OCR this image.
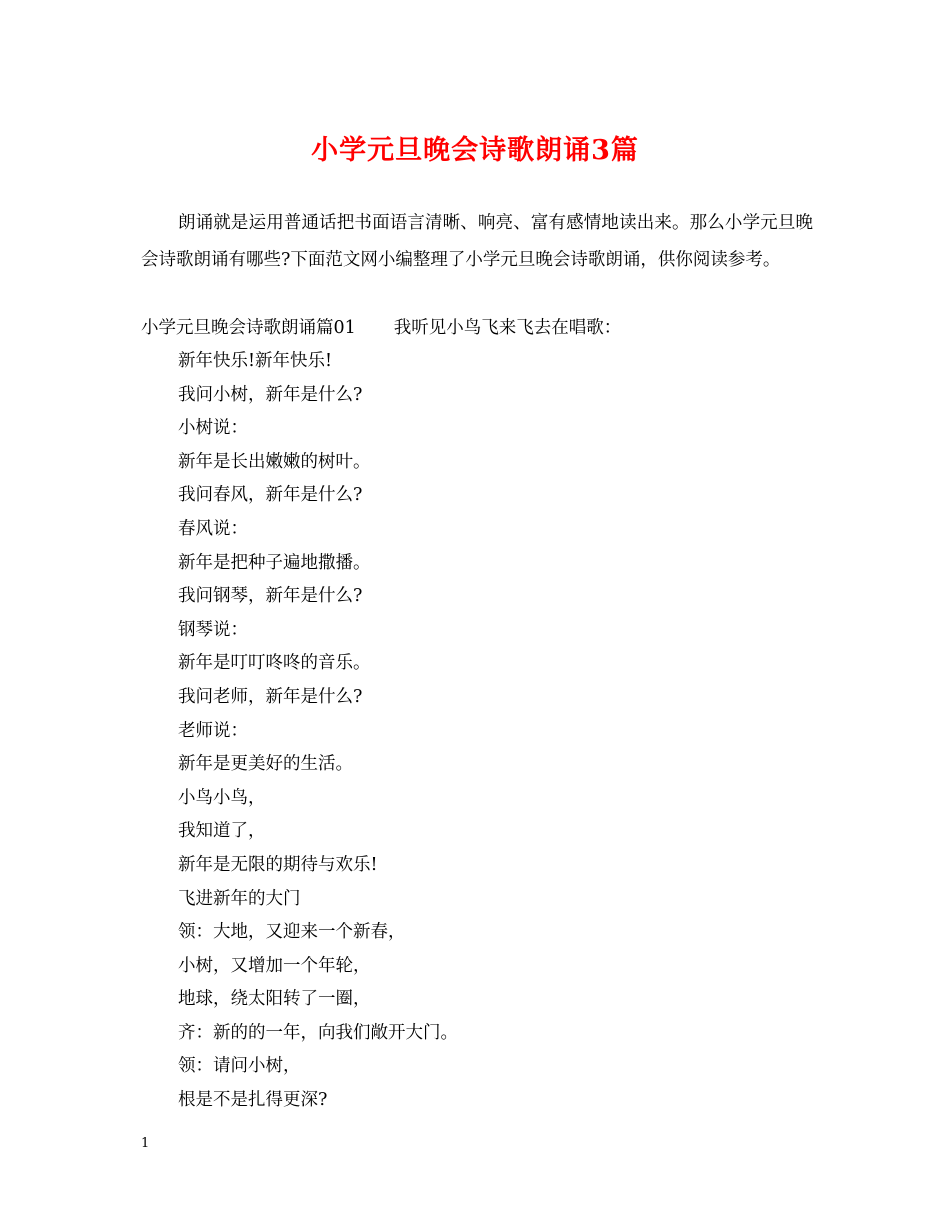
小学元旦晚会诗歌朗诵3篇

朗诵就是运用普通话把书面语言清晰、响亮、富有感情地读出来。那么小学元旦晚会诗歌朗诵有哪些?下面范文网小编整理了小学元旦晚会诗歌朗诵，供你阅读参考。

小学元旦晚会诗歌朗诵篇01 我听见小鸟飞来飞去在唱歌：

新年快乐!新年快乐!
我问小树，新年是什么?
小树说：
新年是长出嫩嫩的树叶。
我问春风，新年是什么?
春风说：
新年是把种子遍地撒播。
我问钢琴，新年是什么?
钢琴说：
新年是叮叮咚咚的音乐。
我问老师，新年是什么?
老师说：
新年是更美好的生活。
小鸟小鸟，
我知道了，
新年是无限的期待与欢乐!
飞进新年的大门
领：大地，又迎来一个新春，
小树，又增加一个年轮，
地球，绕太阳转了一圈，
齐：新的的一年，向我们敞开大门。
领：请问小树，
根是不是扎得更深?

1
